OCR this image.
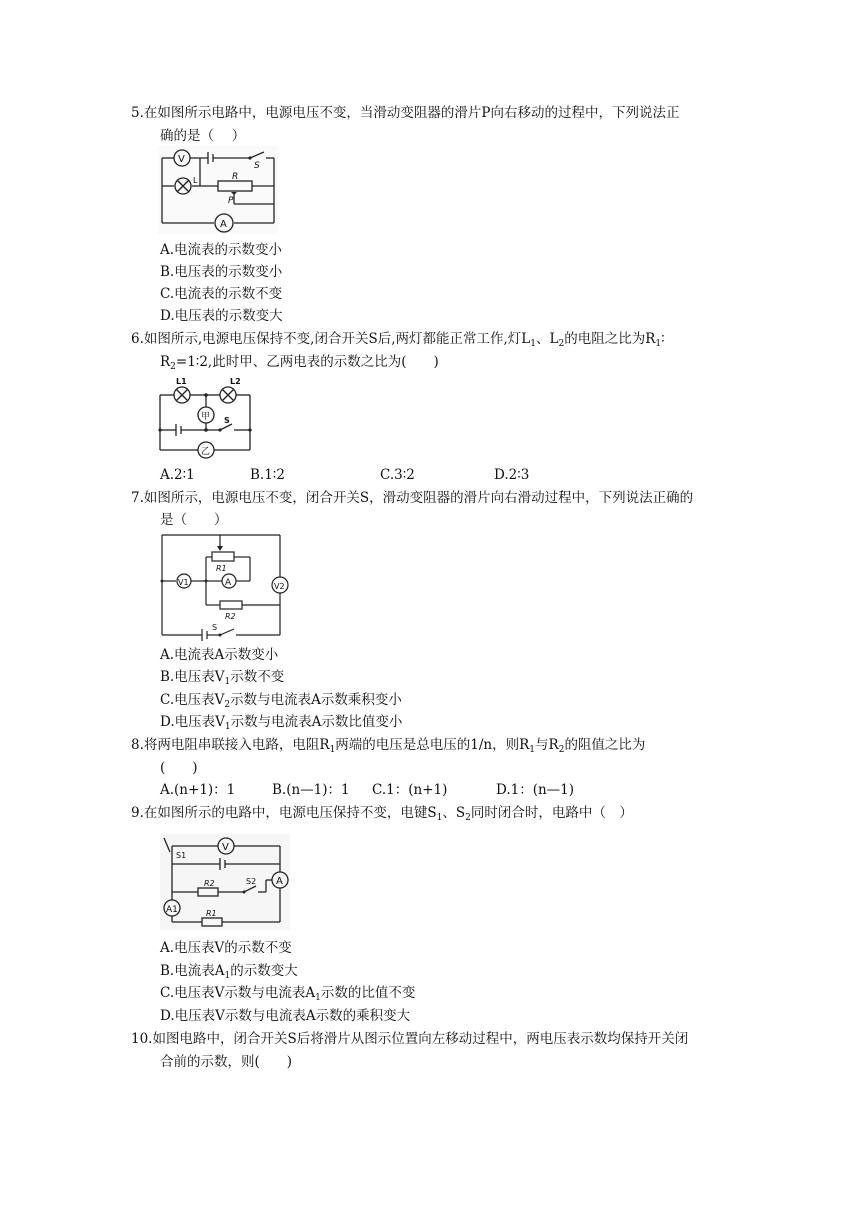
5.在如图所示电路中，电源电压不变，当滑动变阻器的滑片P向右移动的过程中，下列说法正
确的是（　 ）
V
S
L	R
P
A
A.电流表的示数变小
B.电压表的示数变小
C.电流表的示数不变
D.电压表的示数变大
6.如图所示,电源电压保持不变,闭合开关S后,两灯都能正常工作,灯$L_1$、$L_2$的电阻之比为$R_1∶$
$R_2=1∶2$,此时甲、乙两电表的示数之比为(　　)
L1	L2
甲 S
乙
A.2∶1	B.1∶2	C.3∶2	D.2∶3
7.如图所示，电源电压不变，闭合开关S，滑动变阻器的滑片向右滑动过程中，下列说法正确的
是（　　）
R1
A
V1	V2
R2
S
A.电流表A示数变小
B.电压表$V_1$示数不变
C.电压表$V_2$示数与电流表A示数乘积变小
D.电压表$V_1$示数与电流表A示数比值变小
8.将两电阻串联接入电路，电阻$R_1$两端的电压是总电压的1/n，则$R_1$与$R_2$的阻值之比为
(　　)
A.(n+1)：1	B.(n—1)：1 C.1：(n+1)	D.1：(n—1)
9.在如图所示的电路中，电源电压保持不变，电键$S_1$、$S_2$同时闭合时，电路中（　）
V
S1
R2	S2 A
A1	R1
A.电压表V的示数不变
B.电流表$A_1$的示数变大
C.电压表V示数与电流表$A_1$示数的比值不变
D.电压表V示数与电流表A示数的乘积变大
10.如图电路中，闭合开关S后将滑片从图示位置向左移动过程中，两电压表示数均保持开关闭
合前的示数，则(　　)
